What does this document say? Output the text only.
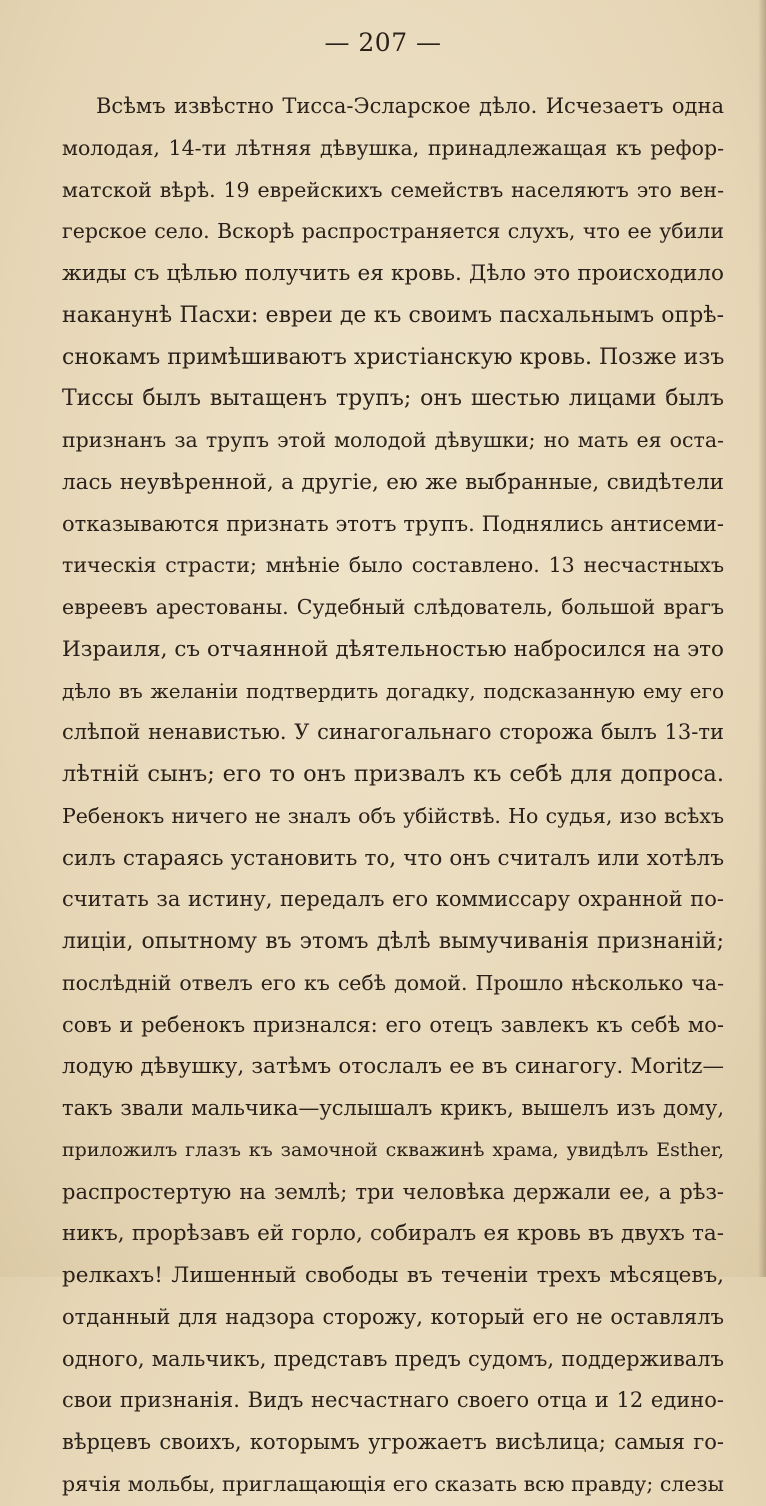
— 207 —
Всѣмъ извѣстно Тисса-Эсларское дѣло. Исчезаетъ одна
молодая, 14-ти лѣтняя дѣвушка, принадлежащая къ рефор-
матской вѣрѣ. 19 еврейскихъ семействъ населяютъ это вен-
герское село. Вскорѣ распространяется слухъ, что ее убили
жиды съ цѣлью получить ея кровь. Дѣло это происходило
наканунѣ Пасхи: евреи де къ своимъ пасхальнымъ опрѣ-
снокамъ примѣшиваютъ христiанскую кровь. Позже изъ
Тиссы былъ вытащенъ трупъ; онъ шестью лицами былъ
признанъ за трупъ этой молодой дѣвушки; но мать ея оста-
лась неувѣренной, а другiе, ею же выбранные, свидѣтели
отказываются признать этотъ трупъ. Поднялись антисеми-
тическiя страсти; мнѣнiе было составлено. 13 несчастныхъ
евреевъ арестованы. Судебный слѣдователь, большой врагъ
Израиля, съ отчаянной дѣятельностью набросился на это
дѣло въ желанiи подтвердить догадку, подсказанную ему его
слѣпой ненавистью. У синагогальнаго сторожа былъ 13-ти
лѣтнiй сынъ; его то онъ призвалъ къ себѣ для допроса.
Ребенокъ ничего не зналъ объ убiйствѣ. Но судья, изо всѣхъ
силъ стараясь установить то, что онъ считалъ или хотѣлъ
считать за истину, передалъ его коммиссару охранной по-
лицiи, опытному въ этомъ дѣлѣ вымучиванiя признанiй;
послѣднiй отвелъ его къ себѣ домой. Прошло нѣсколько ча-
совъ и ребенокъ признался: его отецъ завлекъ къ себѣ мо-
лодую дѣвушку, затѣмъ отослалъ ее въ синагогу. Moritz—
такъ звали мальчика—услышалъ крикъ, вышелъ изъ дому,
приложилъ глазъ къ замочной скважинѣ храма, увидѣлъ Esther,
распростертую на землѣ; три человѣка держали ее, а рѣз-
никъ, прорѣзавъ ей горло, собиралъ ея кровь въ двухъ та-
релкахъ! Лишенный свободы въ теченiи трехъ мѣсяцевъ,
отданный для надзора сторожу, который его не оставлялъ
одного, мальчикъ, представъ предъ судомъ, поддерживалъ
свои признанiя. Видъ несчастнаго своего отца и 12 едино-
вѣрцевъ своихъ, которымъ угрожаетъ висѣлица; самыя го-
рячiя мольбы, приглащающiя его сказать всю правду; слезы
